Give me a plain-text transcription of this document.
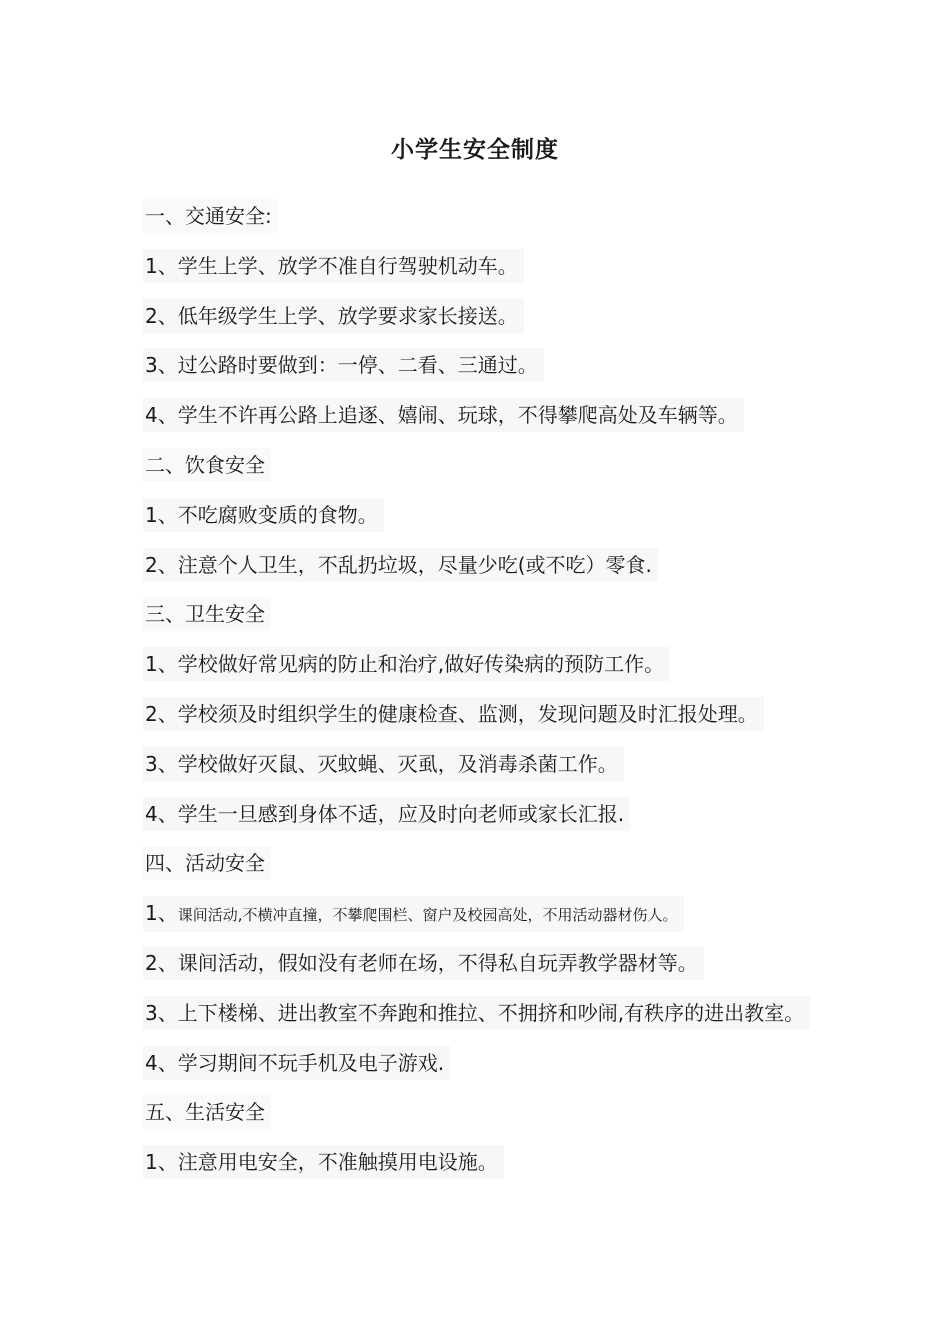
小学生安全制度
一、交通安全:
1、学生上学、放学不准自行驾驶机动车。
2、低年级学生上学、放学要求家长接送。
3、过公路时要做到：一停、二看、三通过。
4、学生不许再公路上追逐、嬉闹、玩球，不得攀爬高处及车辆等。
二、饮食安全
1、不吃腐败变质的食物。
2、注意个人卫生，不乱扔垃圾，尽量少吃(或不吃）零食.
三、卫生安全
1、学校做好常见病的防止和治疗,做好传染病的预防工作。
2、学校须及时组织学生的健康检查、监测，发现问题及时汇报处理。
3、学校做好灭鼠、灭蚊蝇、灭虱，及消毒杀菌工作。
4、学生一旦感到身体不适，应及时向老师或家长汇报.
四、活动安全
1、课间活动,不横冲直撞，不攀爬围栏、窗户及校园高处，不用活动器材伤人。
2、课间活动，假如没有老师在场，不得私自玩弄教学器材等。
3、上下楼梯、进出教室不奔跑和推拉、不拥挤和吵闹,有秩序的进出教室。
4、学习期间不玩手机及电子游戏.
五、生活安全
1、注意用电安全，不准触摸用电设施。
